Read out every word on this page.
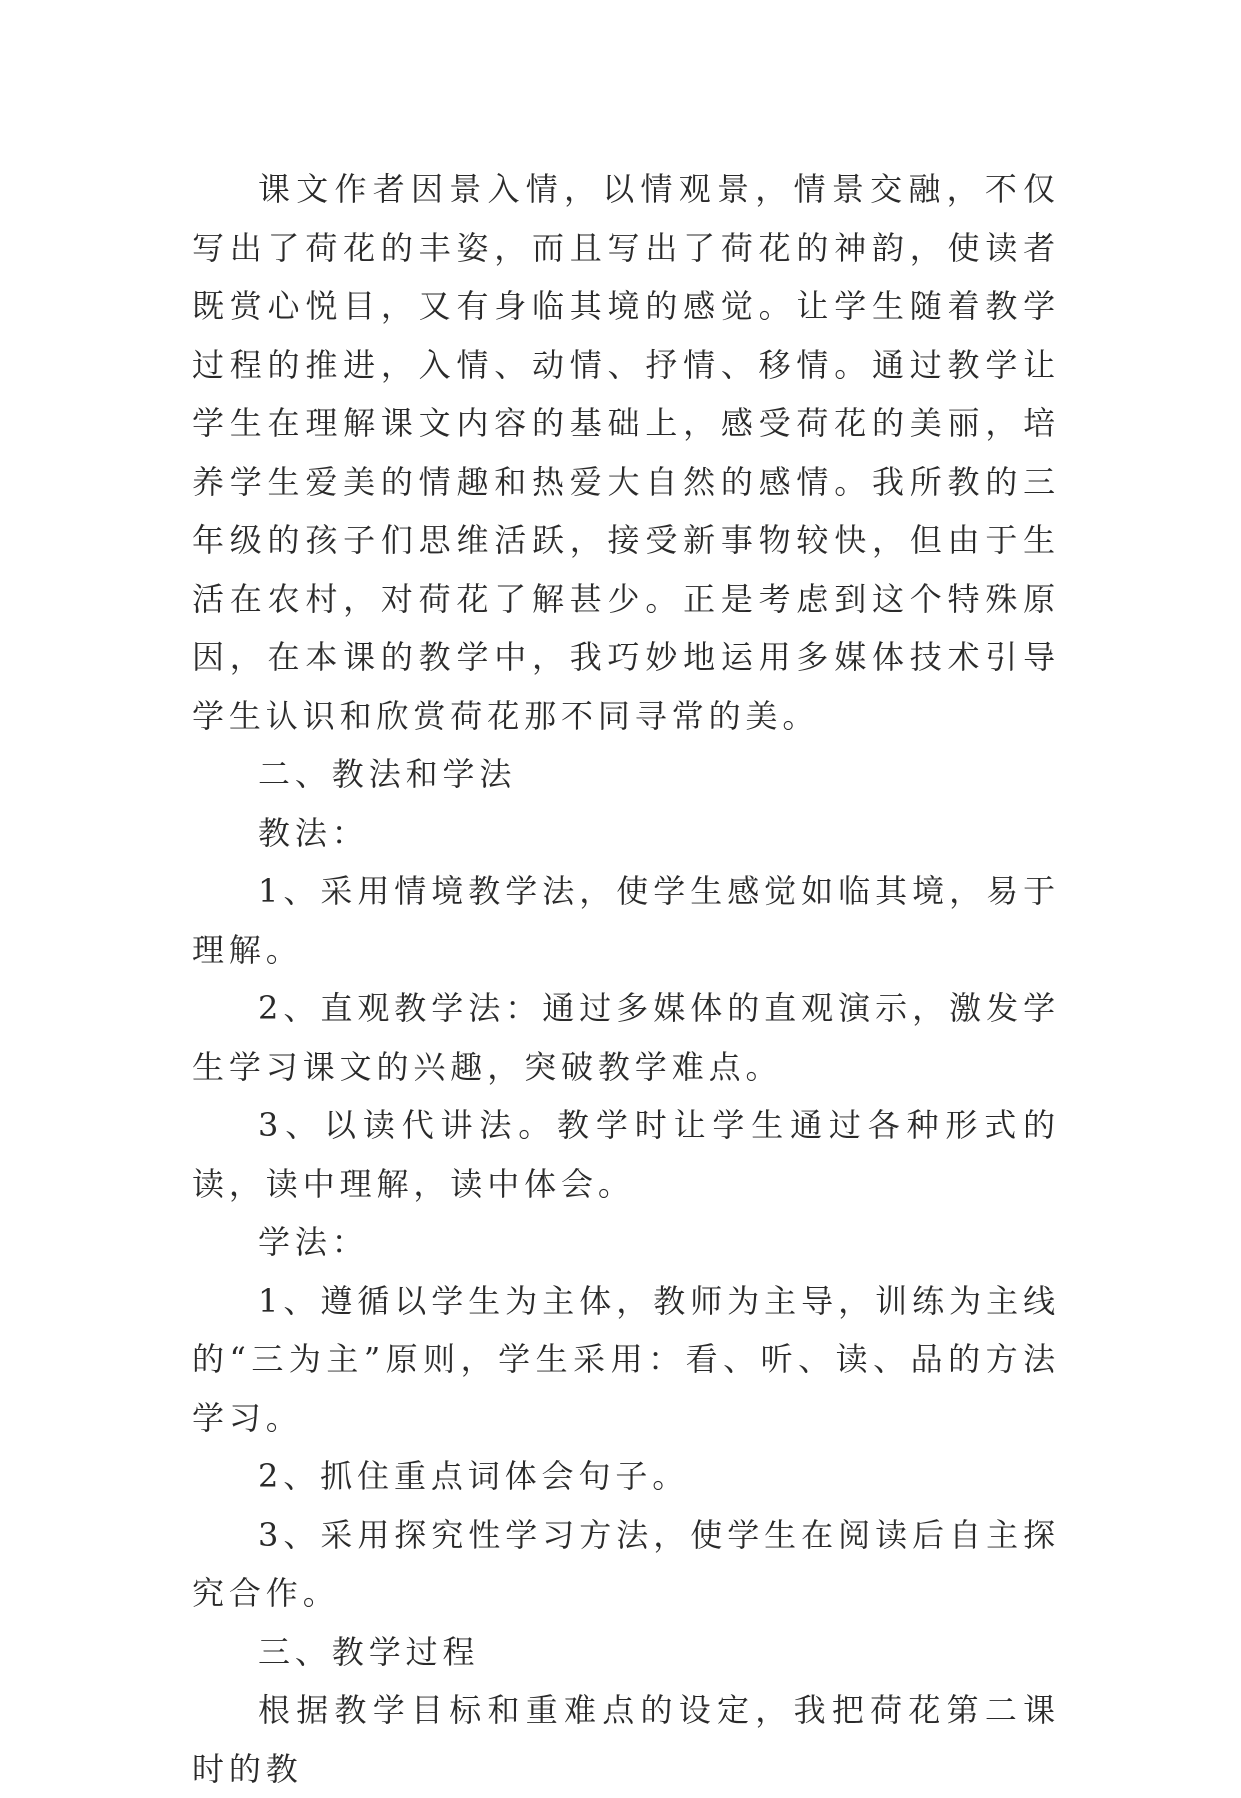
课文作者因景入情，以情观景，情景交融，不仅写出了荷花的丰姿，而且写出了荷花的神韵，使读者既赏心悦目，又有身临其境的感觉。让学生随着教学过程的推进，入情、动情、抒情、移情。通过教学让学生在理解课文内容的基础上，感受荷花的美丽，培养学生爱美的情趣和热爱大自然的感情。我所教的三年级的孩子们思维活跃，接受新事物较快，但由于生活在农村，对荷花了解甚少。正是考虑到这个特殊原因，在本课的教学中，我巧妙地运用多媒体技术引导学生认识和欣赏荷花那不同寻常的美。

二、教法和学法

教法：

1、采用情境教学法，使学生感觉如临其境，易于理解。

2、直观教学法：通过多媒体的直观演示，激发学生学习课文的兴趣，突破教学难点。

3、以读代讲法。教学时让学生通过各种形式的读，读中理解，读中体会。

学法：

1、遵循以学生为主体，教师为主导，训练为主线的“三为主”原则，学生采用：看、听、读、品的方法学习。

2、抓住重点词体会句子。

3、采用探究性学习方法，使学生在阅读后自主探究合作。

三、教学过程

根据教学目标和重难点的设定，我把荷花第二课时的教
